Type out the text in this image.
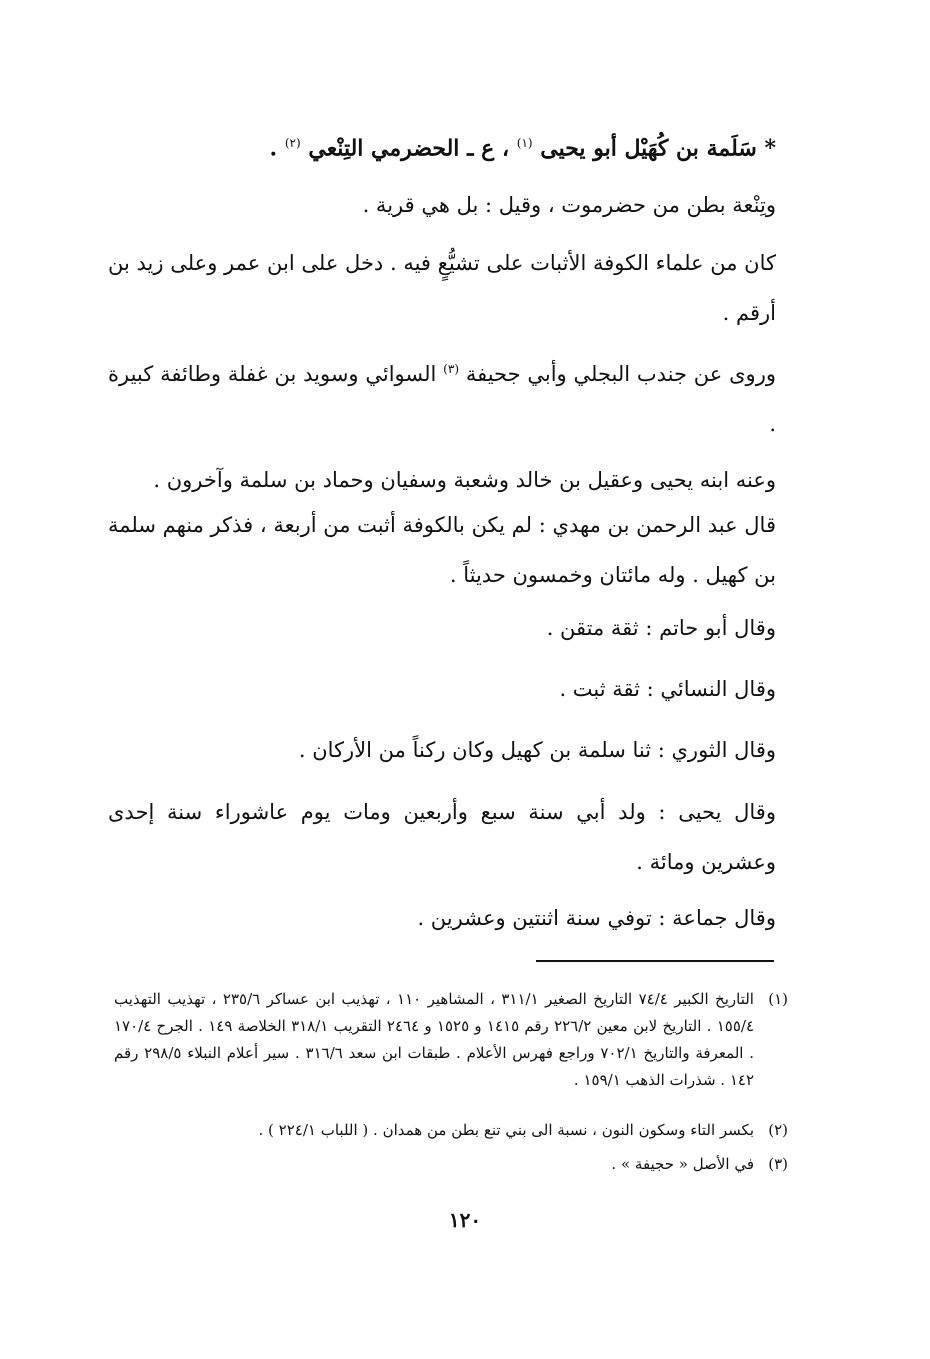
* سَلَمة بن كُهَيْل أبو يحيى $^{(١)}$ ، ع ـ الحضرمي التِنْعي $^{(٢)}$ .

وتِنْعة بطن من حضرموت ، وقيل : بل هي قرية .

كان من علماء الكوفة الأثبات على تشيُّعٍ فيه . دخل على ابن عمر وعلى زيد بن أرقم .

وروى عن جندب البجلي وأبي جحيفة $^{(٣)}$ السوائي وسويد بن غفلة وطائفة كبيرة .

وعنه ابنه يحيى وعقيل بن خالد وشعبة وسفيان وحماد بن سلمة وآخرون .

قال عبد الرحمن بن مهدي : لم يكن بالكوفة أثبت من أربعة ، فذكر منهم سلمة بن كهيل . وله مائتان وخمسون حديثاً .

وقال أبو حاتم : ثقة متقن .

وقال النسائي : ثقة ثبت .

وقال الثوري : ثنا سلمة بن كهيل وكان ركناً من الأركان .

وقال يحيى : ولد أبي سنة سبع وأربعين ومات يوم عاشوراء سنة إحدى وعشرين ومائة .

وقال جماعة : توفي سنة اثنتين وعشرين .

(١)التاريخ الكبير ٧٤/٤ التاريخ الصغير ٣١١/١ ، المشاهير ١١٠ ، تهذيب ابن عساكر ٢٣٥/٦ ، تهذيب التهذيب ١٥٥/٤ . التاريخ لابن معين ٢٢٦/٢ رقم ١٤١٥ و ١٥٢٥ و ٢٤٦٤ التقريب ٣١٨/١ الخلاصة ١٤٩ . الجرح ١٧٠/٤ . المعرفة والتاريخ ٧٠٢/١ وراجع فهرس الأعلام . طبقات ابن سعد ٣١٦/٦ . سير أعلام النبلاء ٢٩٨/٥ رقم ١٤٢ . شذرات الذهب ١٥٩/١ .

(٢)بكسر التاء وسكون النون ، نسبة الى بني تنع بطن من همدان . ( اللباب ٢٢٤/١ ) .

(٣)في الأصل « حجيفة » .

١٢٠
